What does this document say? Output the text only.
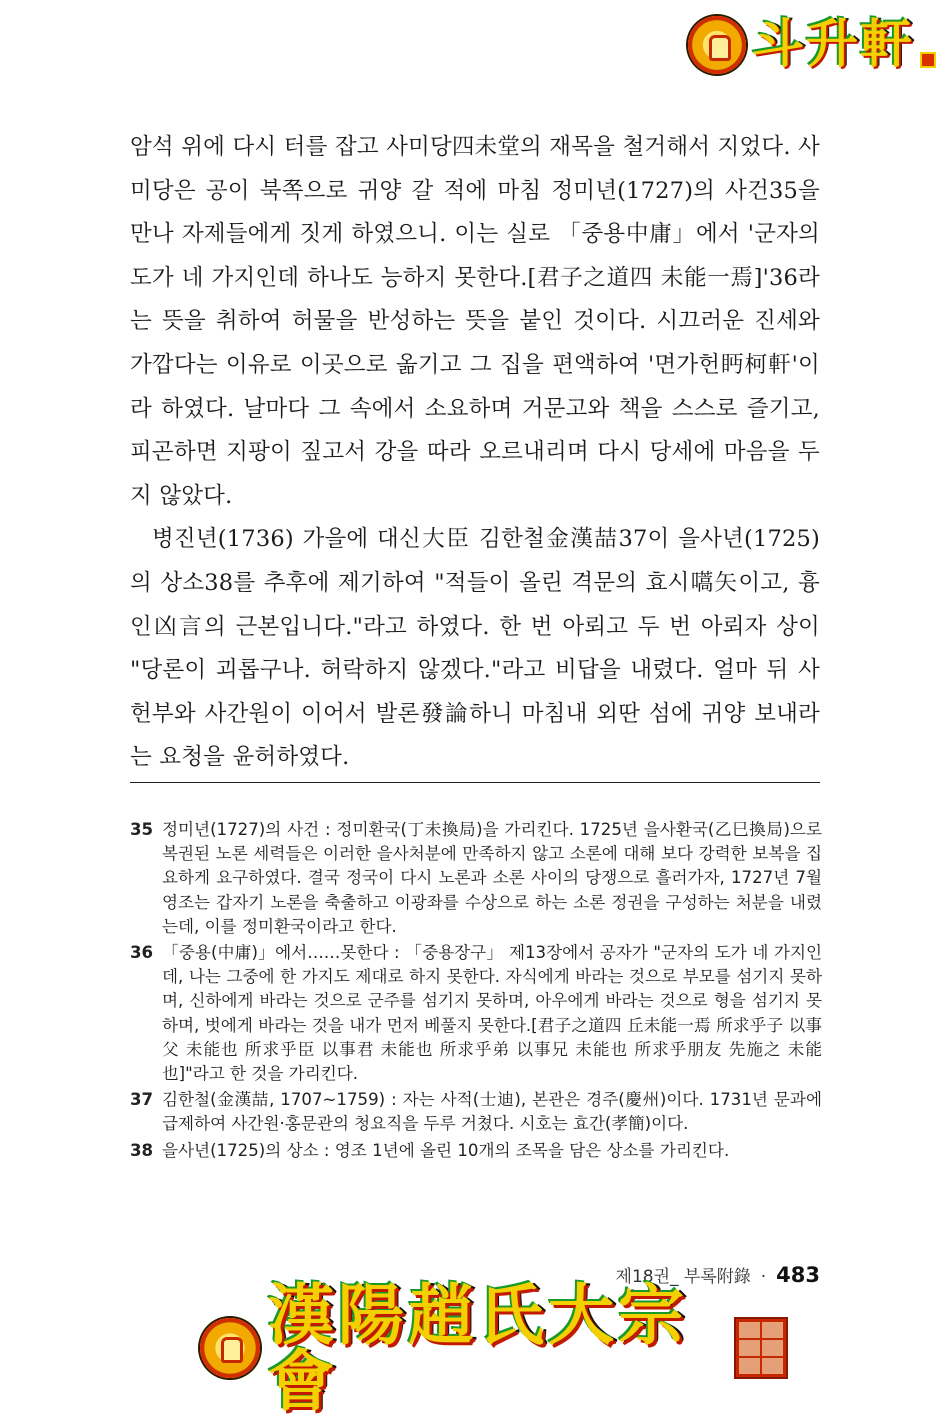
斗升軒

암석 위에 다시 터를 잡고 사미당四未堂의 재목을 철거해서 지었다. 사미당은 공이 북쪽으로 귀양 갈 적에 마침 정미년(1727)의 사건35을 만나 자제들에게 짓게 하였으니. 이는 실로 「중용中庸」에서 '군자의 도가 네 가지인데 하나도 능하지 못한다.[君子之道四 未能一焉]'36라는 뜻을 취하여 허물을 반성하는 뜻을 붙인 것이다. 시끄러운 진세와 가깝다는 이유로 이곳으로 옮기고 그 집을 편액하여 '면가헌眄柯軒'이라 하였다. 날마다 그 속에서 소요하며 거문고와 책을 스스로 즐기고, 피곤하면 지팡이 짚고서 강을 따라 오르내리며 다시 당세에 마음을 두지 않았다.

병진년(1736) 가을에 대신大臣 김한철金漢喆37이 을사년(1725)의 상소38를 추후에 제기하여 "적들이 올린 격문의 효시嚆矢이고, 흉인凶言의 근본입니다."라고 하였다. 한 번 아뢰고 두 번 아뢰자 상이 "당론이 괴롭구나. 허락하지 않겠다."라고 비답을 내렸다. 얼마 뒤 사헌부와 사간원이 이어서 발론發論하니 마침내 외딴 섬에 귀양 보내라는 요청을 윤허하였다.

35 정미년(1727)의 사건 : 정미환국(丁未換局)을 가리킨다. 1725년 을사환국(乙巳換局)으로 복권된 노론 세력들은 이러한 을사처분에 만족하지 않고 소론에 대해 보다 강력한 보복을 집요하게 요구하였다. 결국 정국이 다시 노론과 소론 사이의 당쟁으로 흘러가자, 1727년 7월 영조는 갑자기 노론을 축출하고 이광좌를 수상으로 하는 소론 정권을 구성하는 처분을 내렸는데, 이를 정미환국이라고 한다.
36 「중용(中庸)」에서……못한다 : 「중용장구」 제13장에서 공자가 "군자의 도가 네 가지인데, 나는 그중에 한 가지도 제대로 하지 못한다. 자식에게 바라는 것으로 부모를 섬기지 못하며, 신하에게 바라는 것으로 군주를 섬기지 못하며, 아우에게 바라는 것으로 형을 섬기지 못하며, 벗에게 바라는 것을 내가 먼저 베풀지 못한다.[君子之道四 丘未能一焉 所求乎子 以事父 未能也 所求乎臣 以事君 未能也 所求乎弟 以事兄 未能也 所求乎朋友 先施之 未能也]"라고 한 것을 가리킨다.
37 김한철(金漢喆, 1707~1759) : 자는 사적(士迪), 본관은 경주(慶州)이다. 1731년 문과에 급제하여 사간원·홍문관의 청요직을 두루 거쳤다. 시호는 효간(孝簡)이다.
38 을사년(1725)의 상소 : 영조 1년에 올린 10개의 조목을 담은 상소를 가리킨다.
제18권_ 부록附錄 · 483
漢陽趙氏大宗會
